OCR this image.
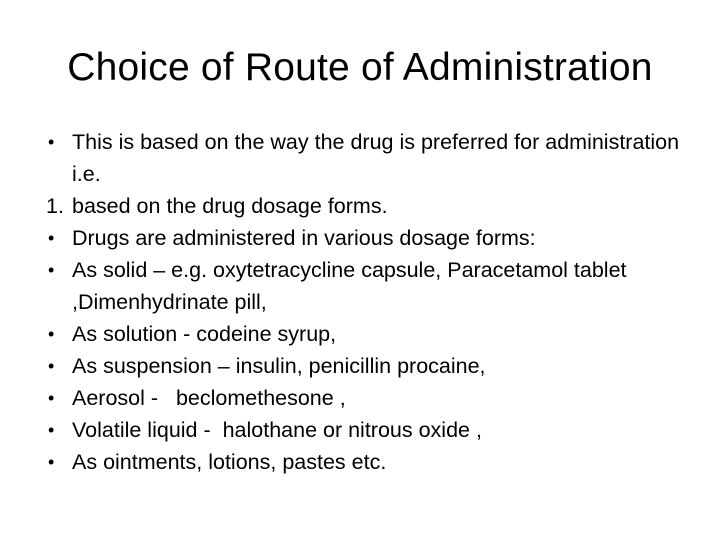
Choice of Route of Administration
• This is based on the way the drug is preferred for administration i.e.
1. based on the drug dosage forms.
• Drugs are administered in various dosage forms:
• As solid – e.g. oxytetracycline capsule, Paracetamol tablet ,Dimenhydrinate pill,
• As solution - codeine syrup,
• As suspension – insulin, penicillin procaine,
• Aerosol -   beclomethesone ,
• Volatile liquid -  halothane or nitrous oxide ,
• As ointments, lotions, pastes etc.
